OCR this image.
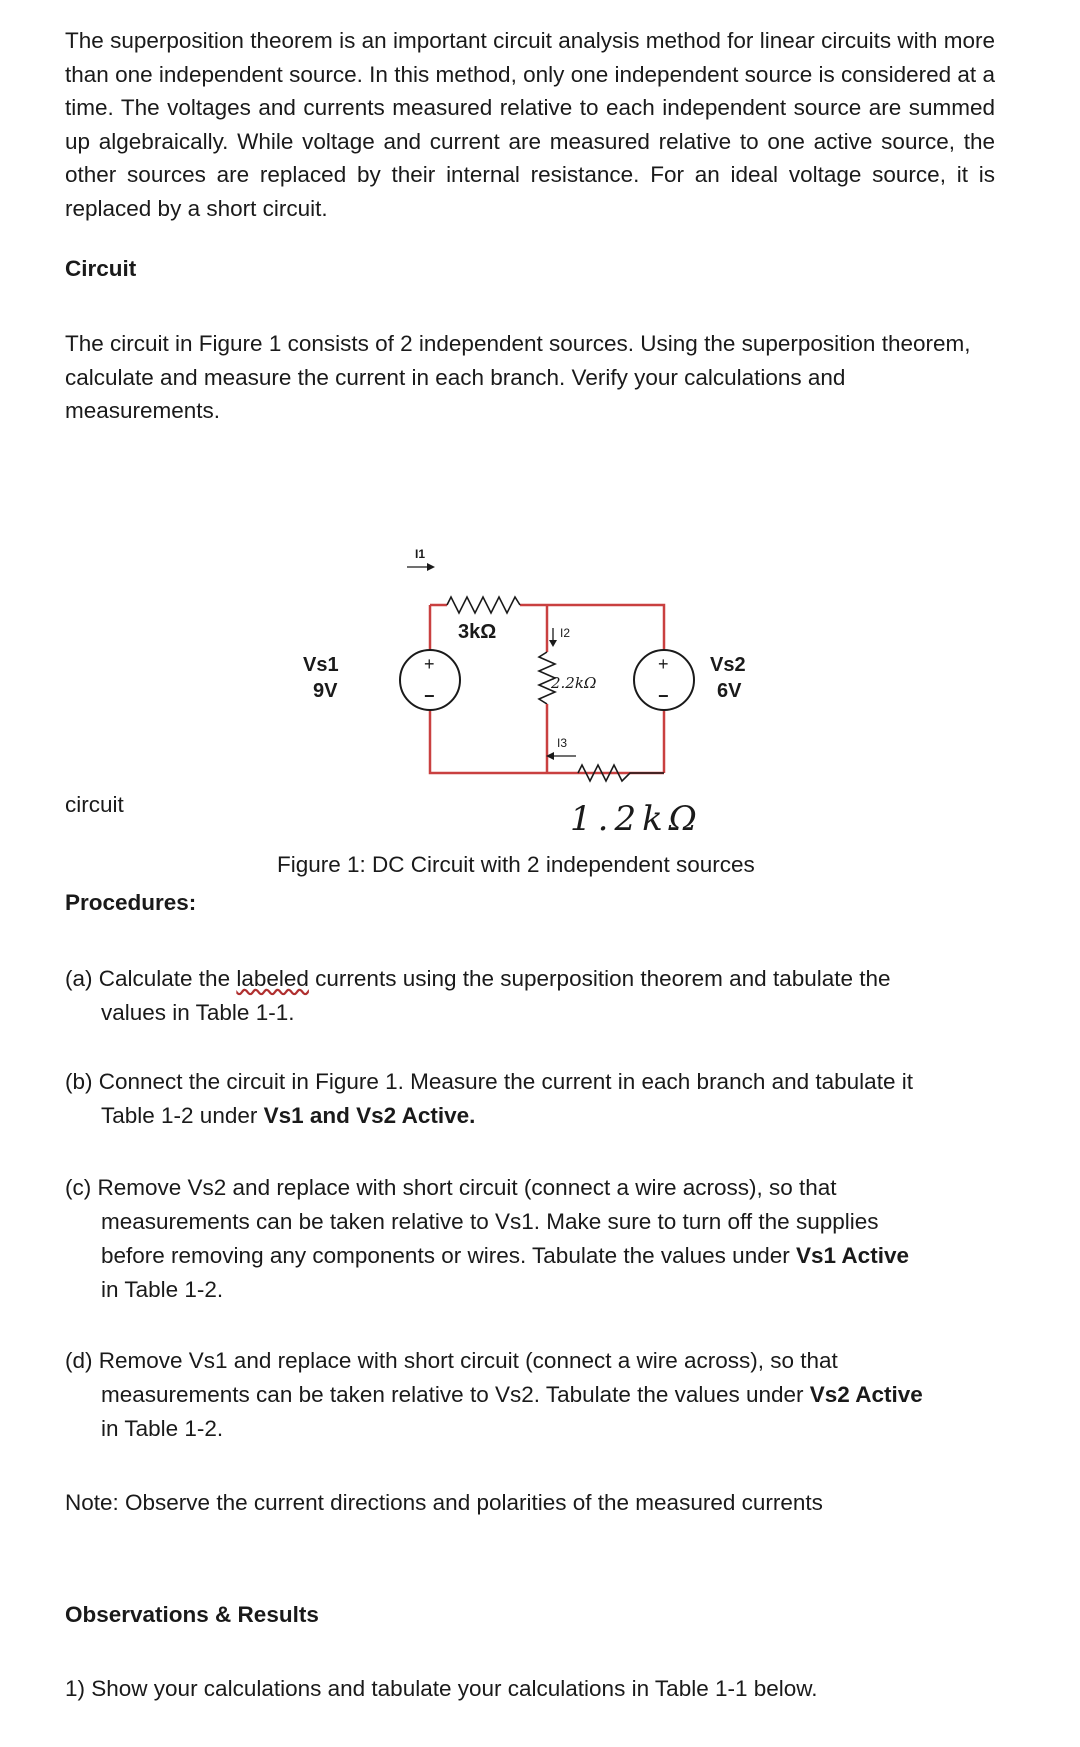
The superposition theorem is an important circuit analysis method for linear circuits with more than one independent source. In this method, only one independent source is considered at a time. The voltages and currents measured relative to each independent source are summed up algebraically. While voltage and current are measured relative to one active source, the other sources are replaced by their internal resistance. For an ideal voltage source, it is replaced by a short circuit.

Circuit

The circuit in Figure 1 consists of 2 independent sources. Using the superposition theorem, calculate and measure the current in each branch. Verify your calculations and measurements.

circuit

3kΩ
I1
+
−
Vs1
9V	2.2kΩ
I2
I3
1.2kΩ
+
−
Vs2
6V

Figure 1: DC Circuit with 2 independent sources

Procedures:

(a) Calculate the labeled currents using the superposition theorem and tabulate the
values in Table 1-1.
(b) Connect the circuit in Figure 1. Measure the current in each branch and tabulate it
Table 1-2 under Vs1 and Vs2 Active.
(c) Remove Vs2 and replace with short circuit (connect a wire across), so that
measurements can be taken relative to Vs1. Make sure to turn off the supplies
before removing any components or wires. Tabulate the values under Vs1 Active
in Table 1-2.
(d) Remove Vs1 and replace with short circuit (connect a wire across), so that
measurements can be taken relative to Vs2. Tabulate the values under Vs2 Active
in Table 1-2.

Note: Observe the current directions and polarities of the measured currents

Observations & Results

1) Show your calculations and tabulate your calculations in Table 1-1 below.
